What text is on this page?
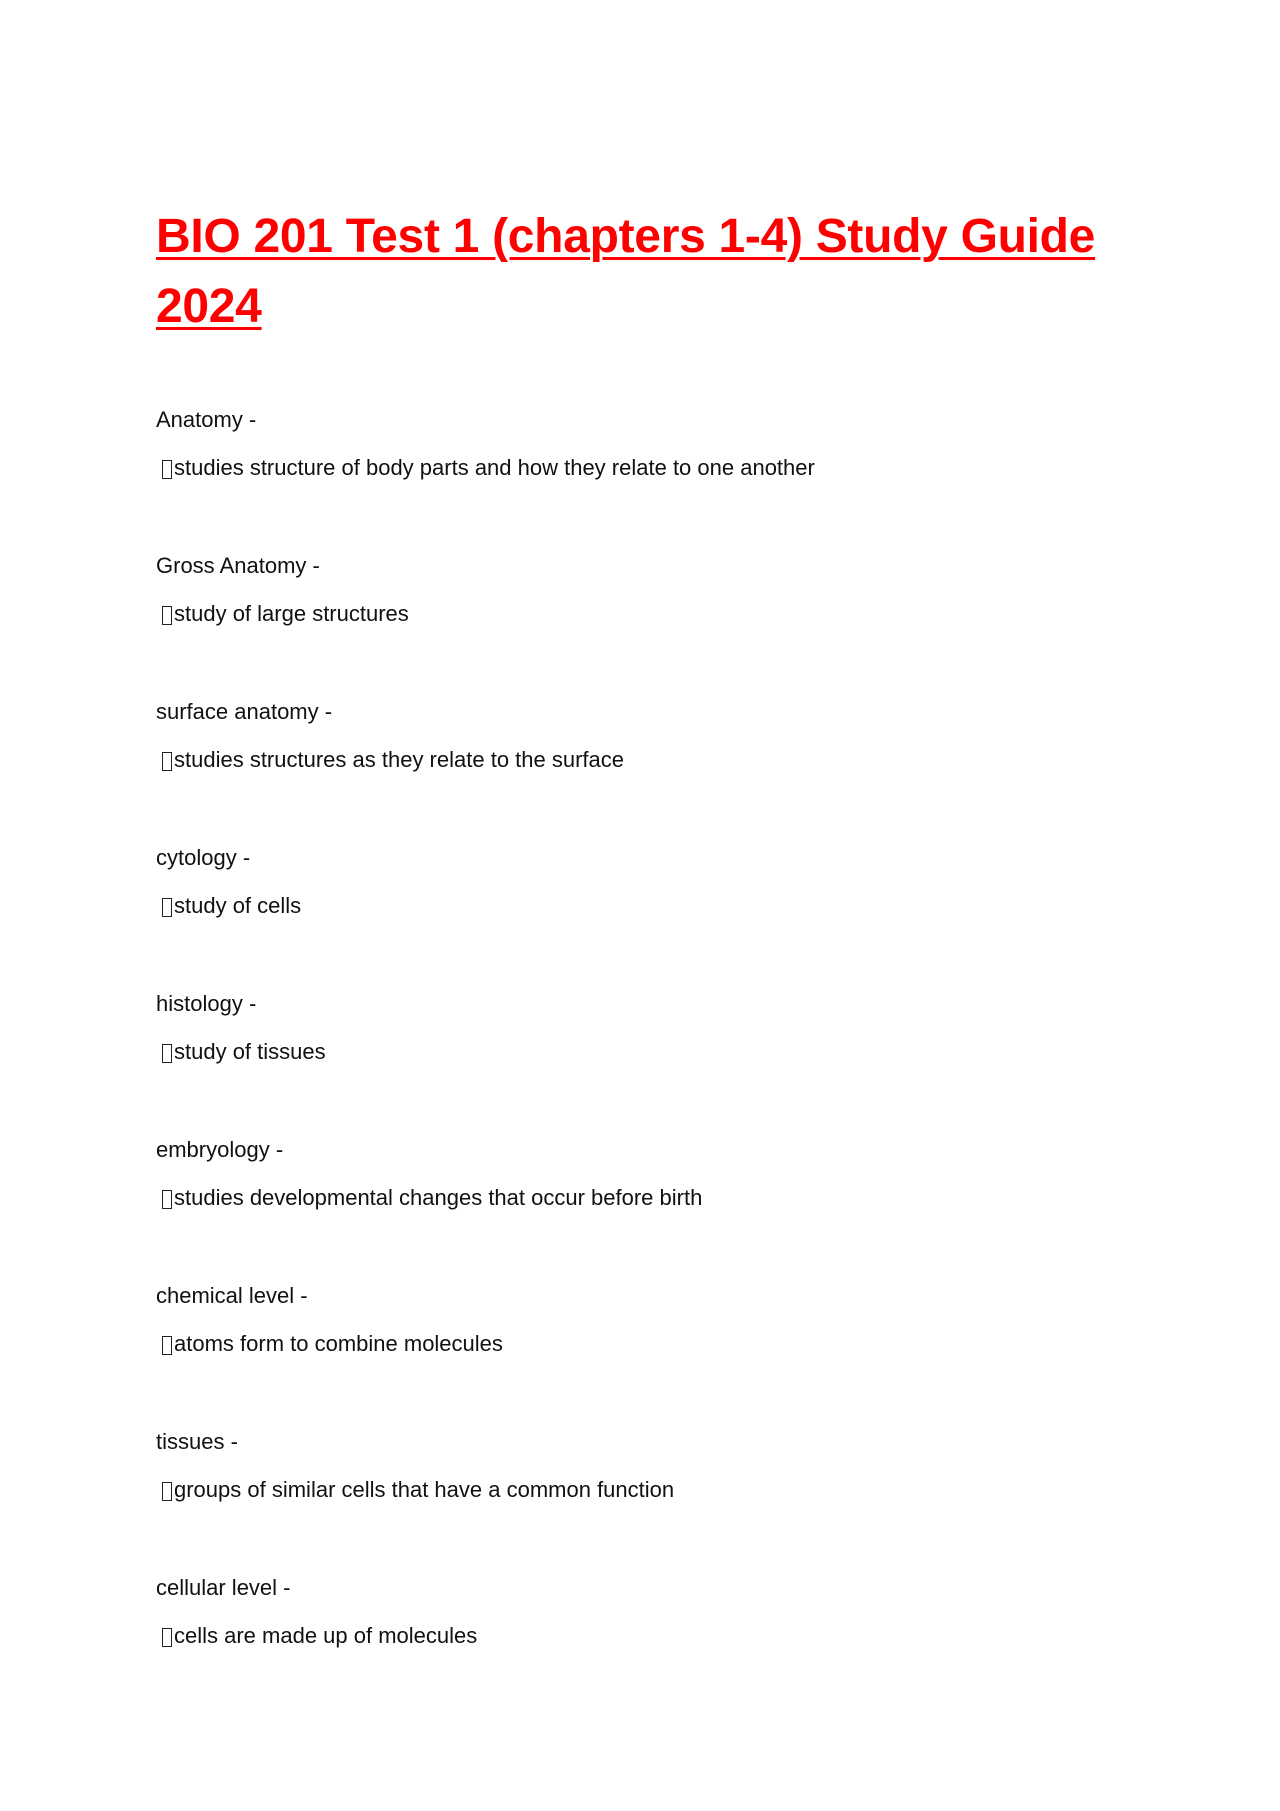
BIO 201 Test 1 (chapters 1-4) Study Guide 2024
Anatomy -
studies structure of body parts and how they relate to one another
Gross Anatomy -
study of large structures
surface anatomy -
studies structures as they relate to the surface
cytology -
study of cells
histology -
study of tissues
embryology -
studies developmental changes that occur before birth
chemical level -
atoms form to combine molecules
tissues -
groups of similar cells that have a common function
cellular level -
cells are made up of molecules
